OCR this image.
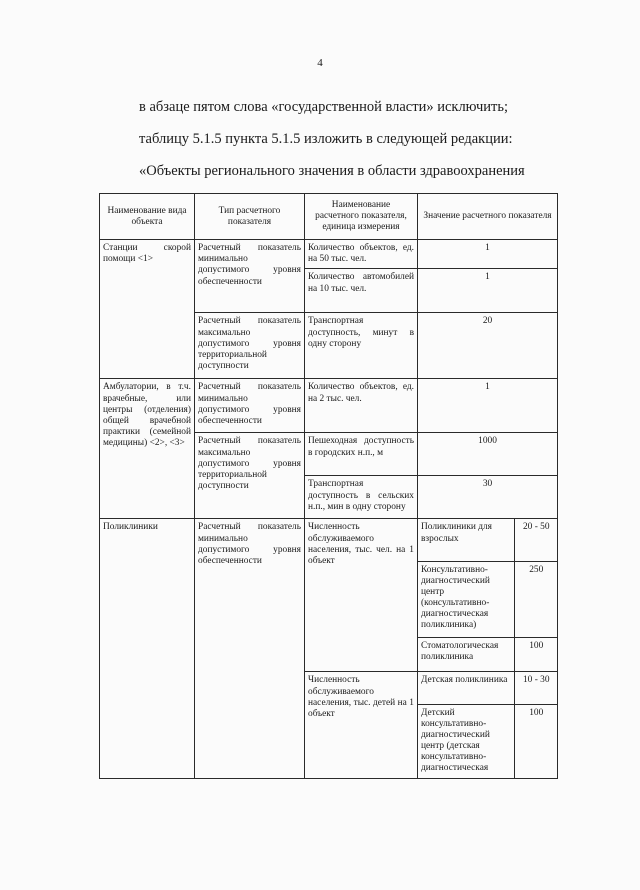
4
в абзаце пятом слова «государственной власти» исключить;
таблицу 5.1.5 пункта 5.1.5 изложить в следующей редакции:
«Объекты регионального значения в области здравоохранения
Наименование вида объекта	Тип расчетного показателя	Наименование расчетного показателя, единица измерения	Значение расчетного показателя
Станции скорой помощи <1>	Расчетный показатель минимально допустимого уровня обеспеченности	Количество объектов, ед. на 50 тыс. чел.	1
Количество автомобилей на 10 тыс. чел.	1
Расчетный показатель максимально допустимого уровня территориальной доступности	Транспортная доступность, минут в одну сторону	20
Амбулатории, в т.ч. врачебные, или центры (отделения) общей врачебной практики (семейной медицины) <2>, <3>	Расчетный показатель минимально допустимого уровня обеспеченности	Количество объектов, ед. на 2 тыс. чел.	1
Расчетный показатель максимально допустимого уровня территориальной доступности	Пешеходная доступность в городских н.п., м	1000
Транспортная доступность в сельских н.п., мин в одну сторону	30
Поликлиники	Расчетный показатель минимально допустимого уровня обеспеченности	Численность обслуживаемого населения, тыс. чел. на 1 объект	
Поликлиники для взрослых	20 - 50
Консультативно-диагностический центр (консультативно-диагностическая поликлиника)	250
Стоматологическая поликлиника	100

Численность обслуживаемого населения, тыс. детей на 1 объект	
Детская поликлиника	10 - 30
Детский консультативно-диагностический центр (детская консультативно-диагностическая	100
